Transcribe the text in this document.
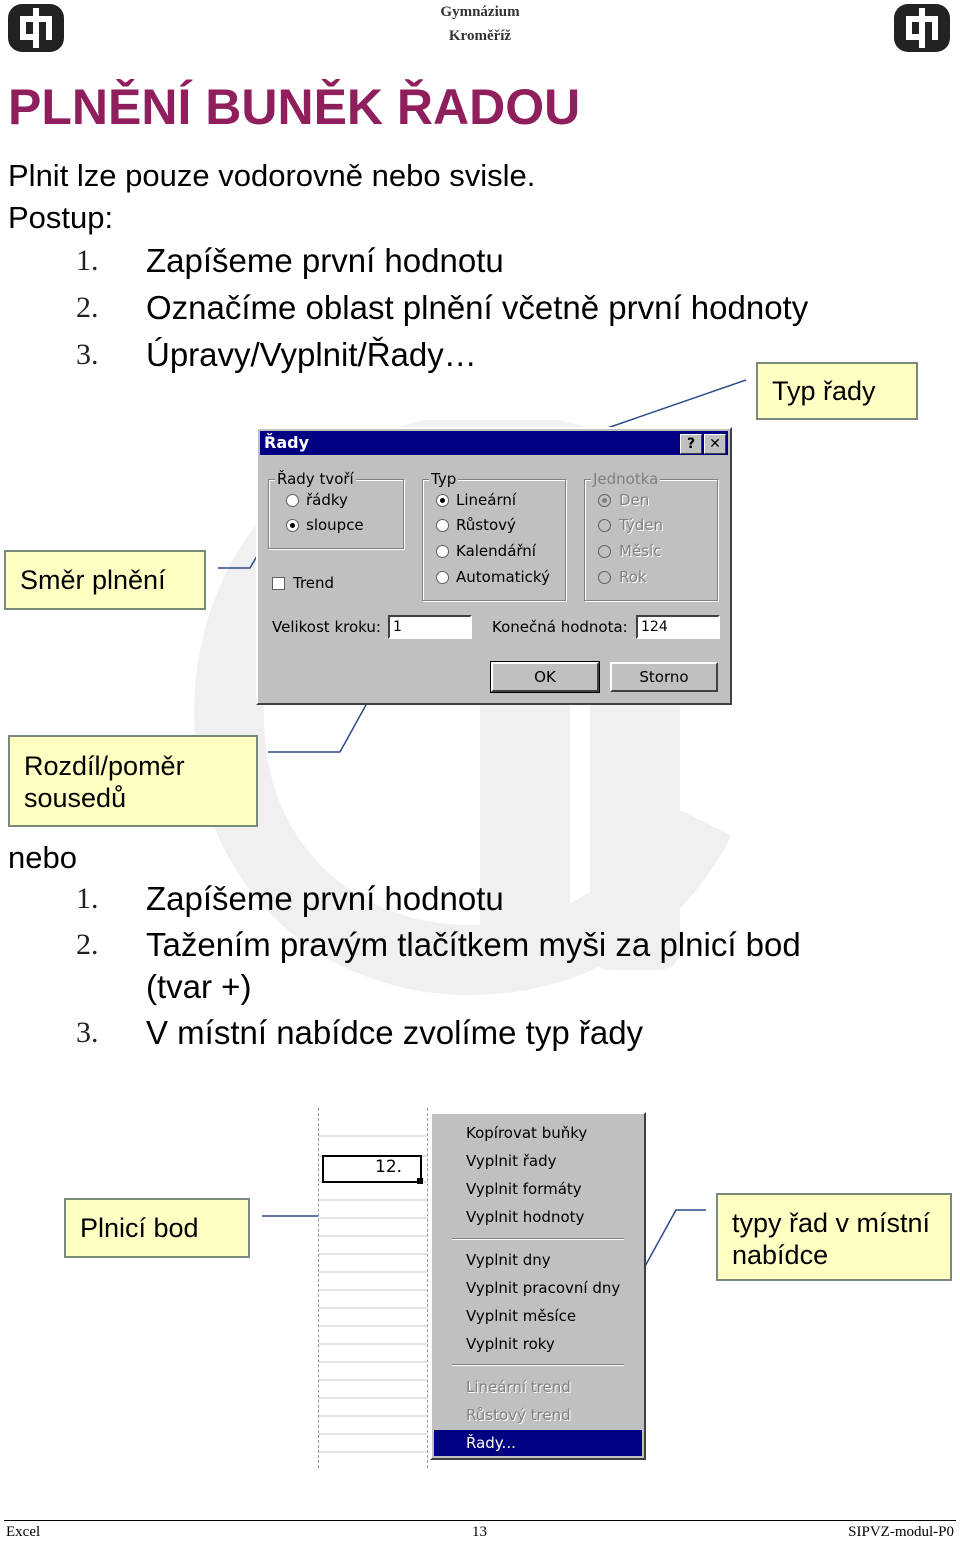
Gymnázium
Kroměříž
PLNĚNÍ BUNĚK ŘADOU
Plnit lze pouze vodorovně nebo svisle.
Postup:
1. Zapíšeme první hodnotu
2. Označíme oblast plnění včetně první hodnoty
3. Úpravy/Vyplnit/Řady…
Typ řady
Směr plnění
Rozdíl/poměr
sousedů
Řady	?	✕
Řady tvoří
řádky
sloupce
Typ
Lineární
Růstový
Kalendářní
Automatický
Jednotka
Den
Týden
Měsíc
Rok
Trend
Velikost kroku: 1	Konečná hodnota: 124
OK	Storno
nebo
1. Zapíšeme první hodnotu
2. Tažením pravým tlačítkem myši za plnicí bod
(tvar +)
3. V místní nabídce zvolíme typ řady
12.
Kopírovat buňky
Vyplnit řady
Vyplnit formáty
Vyplnit hodnoty
Vyplnit dny
Vyplnit pracovní dny
Vyplnit měsíce
Vyplnit roky
Lineární trend
Růstový trend
Řady...
Plnicí bod	typy řad v místní
nabídce
Excel	13	SIPVZ-modul-P0
